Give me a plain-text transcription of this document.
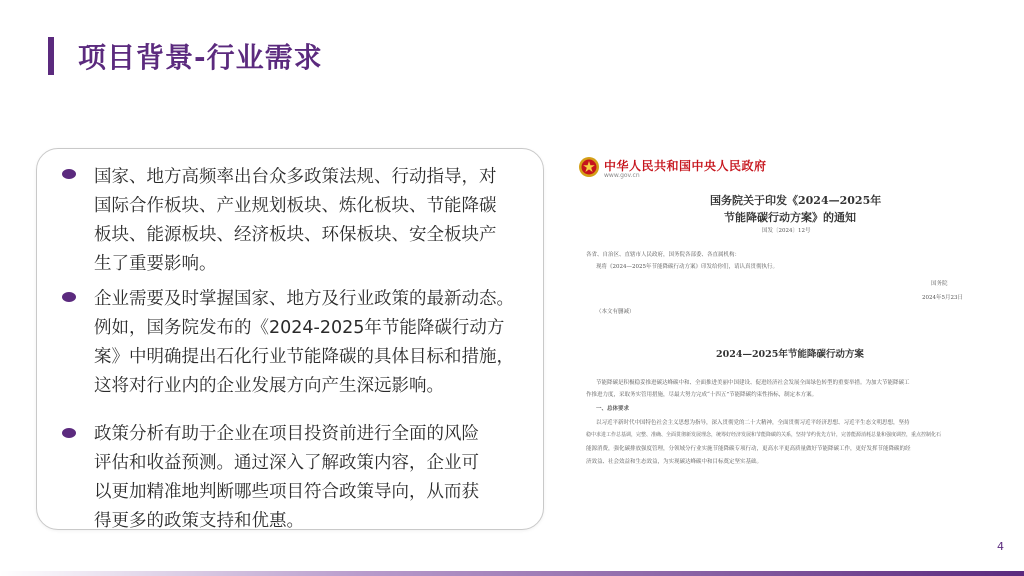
项目背景-行业需求
国家、地方高频率出台众多政策法规、行动指导，对
国际合作板块、产业规划板块、炼化板块、节能降碳
板块、能源板块、经济板块、环保板块、安全板块产
生了重要影响。
企业需要及时掌握国家、地方及行业政策的最新动态。
例如，国务院发布的《2024-2025年节能降碳行动方
案》中明确提出石化行业节能降碳的具体目标和措施，
这将对行业内的企业发展方向产生深远影响。
政策分析有助于企业在项目投资前进行全面的风险
评估和收益预测。通过深入了解政策内容，企业可
以更加精准地判断哪些项目符合政策导向，从而获
得更多的政策支持和优惠。
中华人民共和国中央人民政府
www.gov.cn
国务院关于印发《2024—2025年
节能降碳行动方案》的通知
国发〔2024〕12号
各省、自治区、直辖市人民政府，国务院各部委、各直属机构：
现将《2024—2025年节能降碳行动方案》印发给你们，请认真贯彻执行。
国务院
2024年5月23日
（本文有删减）
2024—2025年节能降碳行动方案
节能降碳是积极稳妥推进碳达峰碳中和、全面推进美丽中国建设、促进经济社会发展全面绿色转型的重要举措。为加大节能降碳工
作推进力度，采取务实管用措施，尽最大努力完成“十四五”节能降碳约束性指标，制定本方案。
一、总体要求
以习近平新时代中国特色社会主义思想为指导，深入贯彻党的二十大精神，全面贯彻习近平经济思想、习近平生态文明思想，坚持
稳中求进工作总基调，完整、准确、全面贯彻新发展理念，统筹好经济发展和节能降碳的关系，坚持节约优先方针，完善能源消耗总量和强度调控，重点控制化石
能源消费，强化碳排放强度管理，分领域分行业实施节能降碳专项行动，更高水平更高质量做好节能降碳工作，更好发挥节能降碳的经
济效益、社会效益和生态效益，为实现碳达峰碳中和目标奠定坚实基础。
4
